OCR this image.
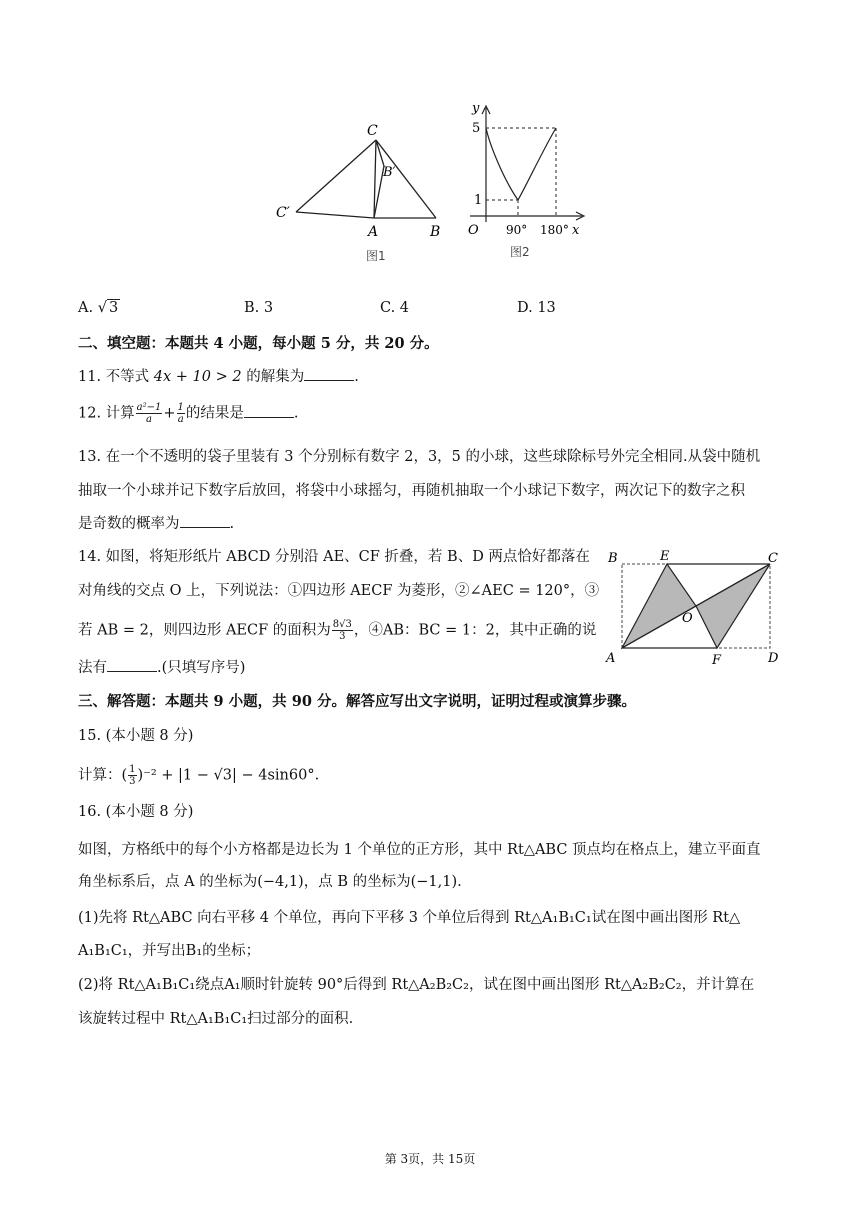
C
B′
C′
A	B
图1
y
5
1
O 90° 180° x
图2
A. √ 3	B. 3	C. 4	D. 13
二、填空题：本题共 4 小题，每小题 5 分，共 20 分。
11. 不等式 4x + 10 > 2 的解集为	.
12. 计算 $\frac{\text{a²−1}}{a} + \frac{1}{a}$ 的结果是	.
13. 在一个不透明的袋子里装有 3 个分别标有数字 2，3，5 的小球，这些球除标号外完全相同.从袋中随机
抽取一个小球并记下数字后放回，将袋中小球摇匀，再随机抽取一个小球记下数字，两次记下的数字之积
是奇数的概率为	.
14. 如图，将矩形纸片 ABCD 分别沿 AE、CF 折叠，若 B、D 两点恰好都落在
对角线的交点 O 上，下列说法：①四边形 AECF 为菱形，②∠AEC = 120°，③
若 AB = 2，则四边形 AECF 的面积为 $\frac{8√3}{3}$ ，④AB：BC = 1：2，其中正确的说
法有	.(只填写序号)
B	E	C
O
A	F	D
三、解答题：本题共 9 小题，共 90 分。解答应写出文字说明，证明过程或演算步骤。
15. (本小题 8 分)
计算：( $\frac{1}{3} )^{-2} + |1 - √3| - 4\sin 60^\circ$.
16. (本小题 8 分)
如图，方格纸中的每个小方格都是边长为 1 个单位的正方形，其中 Rt△ABC 顶点均在格点上，建立平面直
角坐标系后，点 A 的坐标为(−4,1)，点 B 的坐标为(−1,1).
(1)先将 Rt△ABC 向右平移 4 个单位，再向下平移 3 个单位后得到 Rt△A₁B₁C₁试在图中画出图形 Rt△
A₁B₁C₁，并写出B₁的坐标；
(2)将 Rt△A₁B₁C₁绕点A₁顺时针旋转 90°后得到 Rt△A₂B₂C₂，试在图中画出图形 Rt△A₂B₂C₂，并计算在
该旋转过程中 Rt△A₁B₁C₁扫过部分的面积.
第 3页，共 15页
